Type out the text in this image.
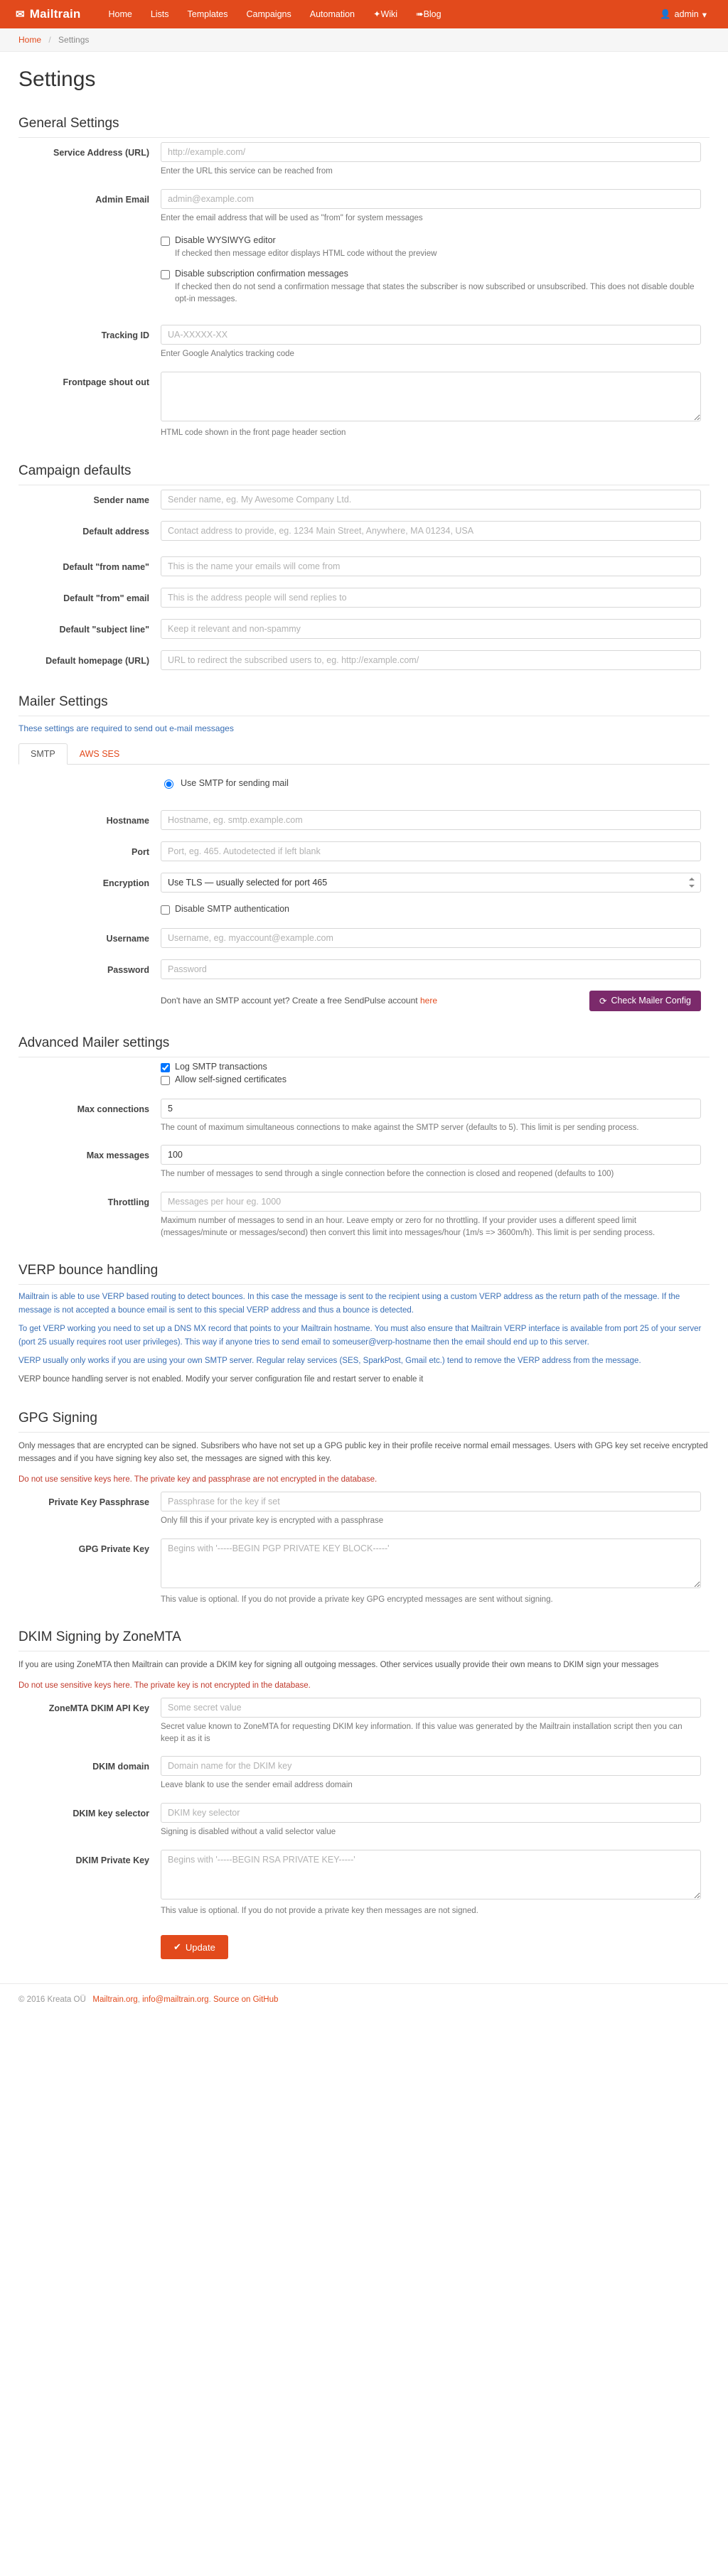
✉ Mailtrain	Home	Lists	Templates	Campaigns	Automation	✦Wiki	➠Blog	👤 admin ▾
Home / Settings
Settings
General Settings
Service Address (URL)
http://example.com/
Enter the URL this service can be reached from
Admin Email
admin@example.com
Enter the email address that will be used as "from" for system messages
Disable WYSIWYG editor
If checked then message editor displays HTML code without the preview
Disable subscription confirmation messages
If checked then do not send a confirmation message that states the subscriber is now subscribed or unsubscribed. This does not disable double opt-in messages.
Tracking ID
UA-XXXXX-XX
Enter Google Analytics tracking code
Frontpage shout out
HTML code shown in the front page header section
Campaign defaults
Sender name
Sender name, eg. My Awesome Company Ltd.
Default address
Contact address to provide, eg. 1234 Main Street, Anywhere, MA 01234, USA
Default "from name"
This is the name your emails will come from
Default "from" email
This is the address people will send replies to
Default "subject line"
Keep it relevant and non-spammy
Default homepage (URL)
URL to redirect the subscribed users to, eg. http://example.com/
Mailer Settings
These settings are required to send out e-mail messages
SMTP	AWS SES
Use SMTP for sending mail
Hostname
Hostname, eg. smtp.example.com
Port
Port, eg. 465. Autodetected if left blank
Encryption
Use TLS — usually selected for port 465
Disable SMTP authentication
Username
Username, eg. myaccount@example.com
Password
Don't have an SMTP account yet? Create a free SendPulse account here	⟳ Check Mailer Config
Advanced Mailer settings
Log SMTP transactions
Allow self-signed certificates
Max connections
5
The count of maximum simultaneous connections to make against the SMTP server (defaults to 5). This limit is per sending process.
Max messages
100
The number of messages to send through a single connection before the connection is closed and reopened (defaults to 100)
Throttling
Messages per hour eg. 1000
Maximum number of messages to send in an hour. Leave empty or zero for no throttling. If your provider uses a different speed limit (messages/minute or messages/second) then convert this limit into messages/hour (1m/s => 3600m/h). This limit is per sending process.
VERP bounce handling
Mailtrain is able to use VERP based routing to detect bounces. In this case the message is sent to the recipient using a custom VERP address as the return path of the message. If the message is not accepted a bounce email is sent to this special VERP address and thus a bounce is detected.
To get VERP working you need to set up a DNS MX record that points to your Mailtrain hostname. You must also ensure that Mailtrain VERP interface is available from port 25 of your server (port 25 usually requires root user privileges). This way if anyone tries to send email to someuser@verp-hostname then the email should end up to this server.
VERP usually only works if you are using your own SMTP server. Regular relay services (SES, SparkPost, Gmail etc.) tend to remove the VERP address from the message.
VERP bounce handling server is not enabled. Modify your server configuration file and restart server to enable it
GPG Signing
Only messages that are encrypted can be signed. Subsribers who have not set up a GPG public key in their profile receive normal email messages. Users with GPG key set receive encrypted messages and if you have signing key also set, the messages are signed with this key.
Do not use sensitive keys here. The private key and passphrase are not encrypted in the database.
Private Key Passphrase
Passphrase for the key if set
Only fill this if your private key is encrypted with a passphrase
GPG Private Key
Begins with '-----BEGIN PGP PRIVATE KEY BLOCK-----'
This value is optional. If you do not provide a private key GPG encrypted messages are sent without signing.
DKIM Signing by ZoneMTA
If you are using ZoneMTA then Mailtrain can provide a DKIM key for signing all outgoing messages. Other services usually provide their own means to DKIM sign your messages
Do not use sensitive keys here. The private key is not encrypted in the database.
ZoneMTA DKIM API Key
Some secret value
Secret value known to ZoneMTA for requesting DKIM key information. If this value was generated by the Mailtrain installation script then you can keep it as it is
DKIM domain
Domain name for the DKIM key
Leave blank to use the sender email address domain
DKIM key selector
DKIM key selector
Signing is disabled without a valid selector value
DKIM Private Key
Begins with '-----BEGIN RSA PRIVATE KEY-----'
This value is optional. If you do not provide a private key then messages are not signed.
✔ Update
© 2016 Kreata OÜ Mailtrain.org, info@mailtrain.org. Source on GitHub
